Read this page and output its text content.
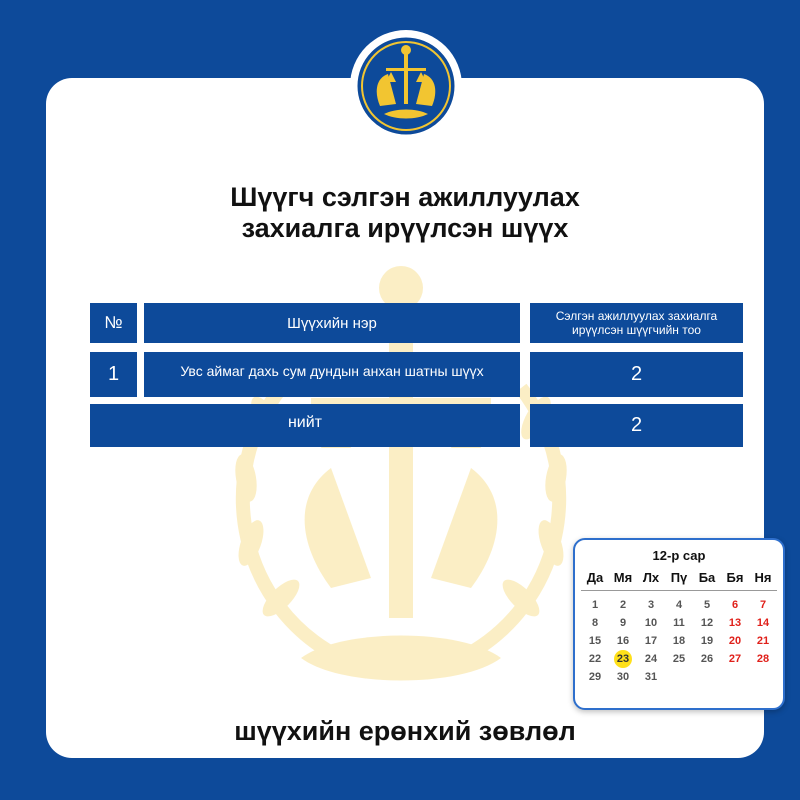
Шүүгч сэлгэн ажиллуулах
захиалга ирүүлсэн шүүх
№	Шүүхийн нэр	Сэлгэн ажиллуулах захиалга
ирүүлсэн шүүгчийн тоо
1	Увс аймаг дахь сум дундын анхан шатны шүүх	2
нийт	2
12-р сар
Да Мя Лх Пү Ба Бя Ня
1	2	3	4	5	6	7
8	9	10	11	12	13	14
15	16	17	18	19	20	21
22	23	24	25	26	27	28
29	30	31
шүүхийн ерөнхий зөвлөл
